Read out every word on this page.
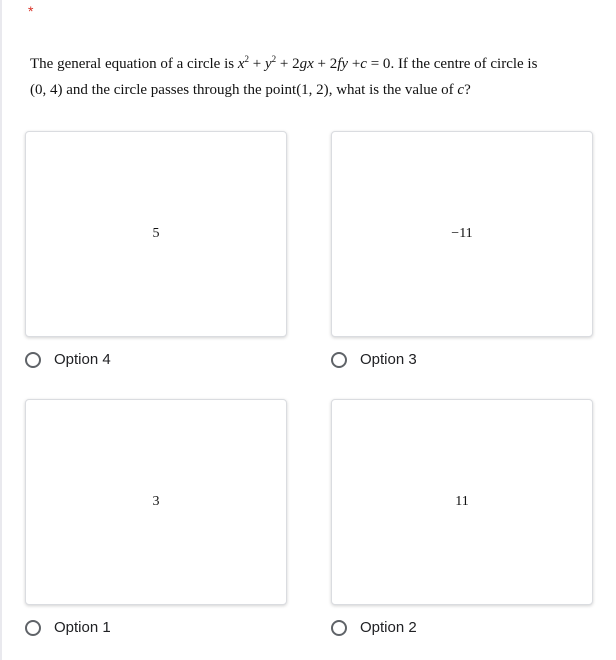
*
The general equation of a circle is $x^2 + y^2 + 2gx + 2fy +c = 0$. If the centre of circle is
(0, 4) and the circle passes through the point(1, 2), what is the value of c?
5
Option 4
−11
Option 3
3
Option 1
11
Option 2
